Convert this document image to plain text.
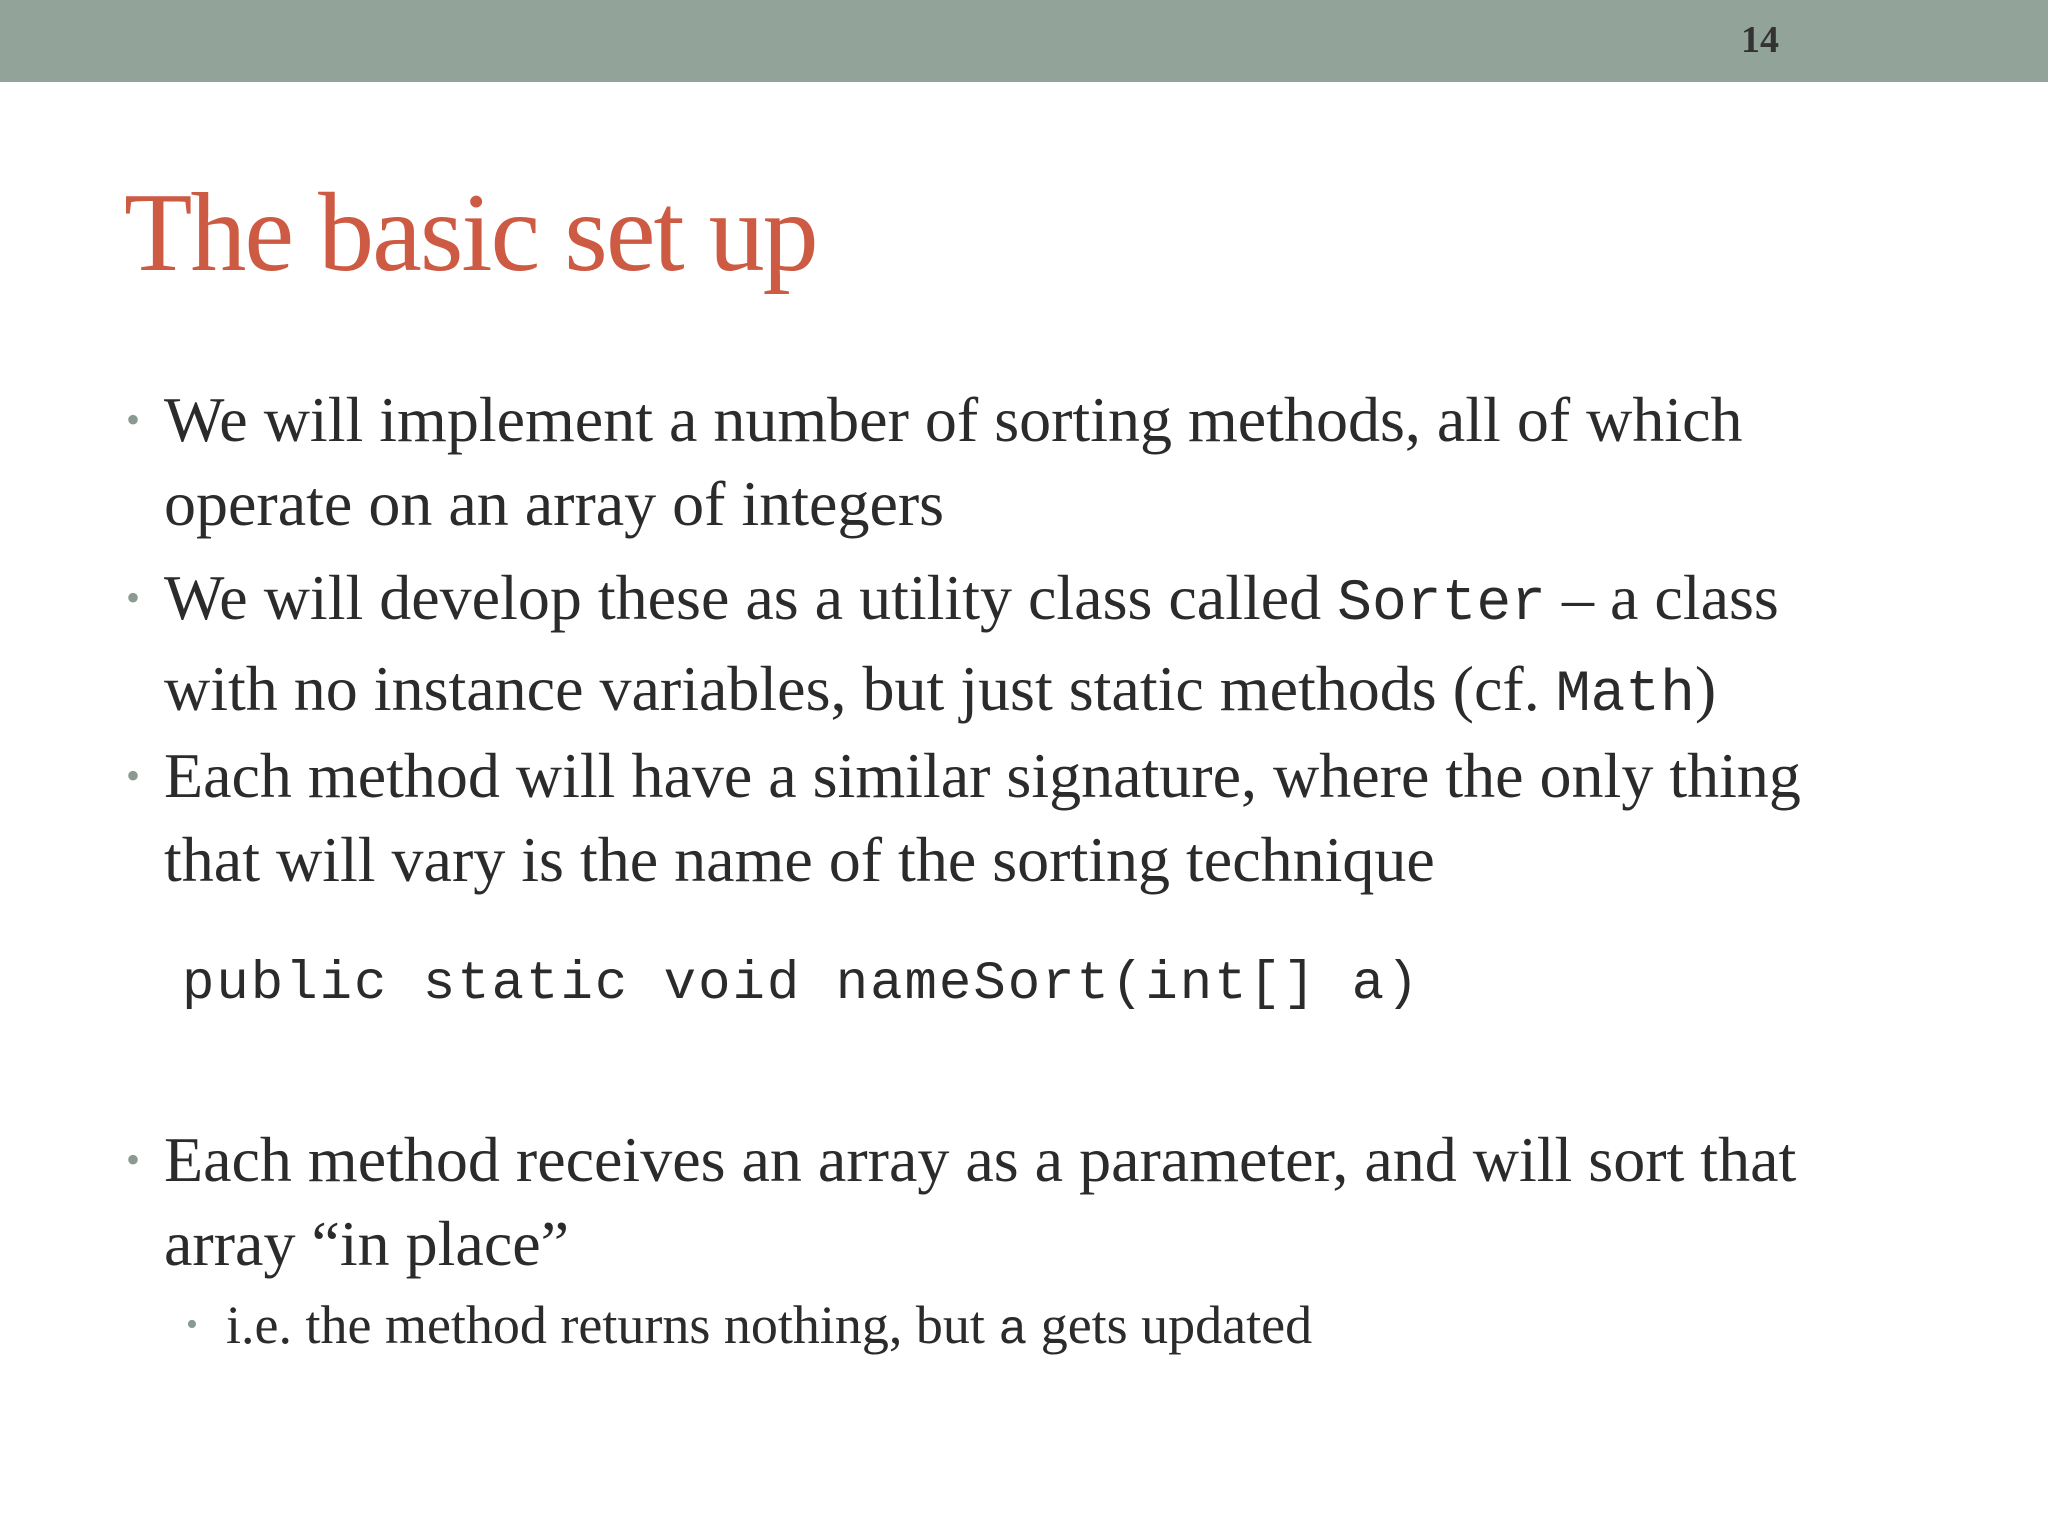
14
The basic set up
• We will implement a number of sorting methods, all of which
operate on an array of integers
• We will develop these as a utility class called Sorter – a class
with no instance variables, but just static methods (cf. Math)
• Each method will have a similar signature, where the only thing
that will vary is the name of the sorting technique
public static void nameSort(int[] a)
• Each method receives an array as a parameter, and will sort that
array “in place”
• i.e. the method returns nothing, but a gets updated
